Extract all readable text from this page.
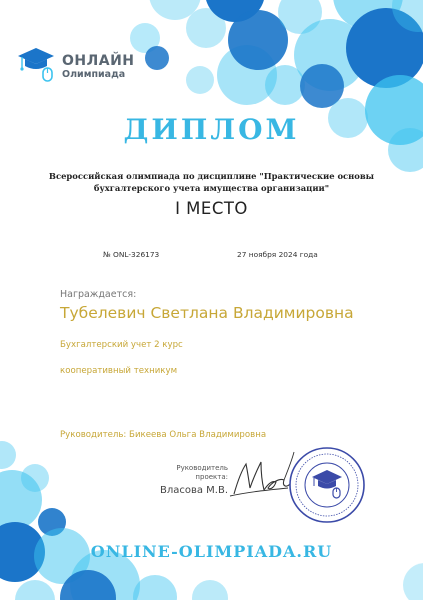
ОНЛАЙН
Олимпиада
ДИПЛОМ
Всероссийская олимпиада по дисциплине "Практические основы
бухгалтерского учета имущества организации"
I МЕСТО
№ ONL-326173	27 ноября 2024 года
Награждается:
Тубелевич Светлана Владимировна
Бухгалтерский учет 2 курс
кооперативный техникум
Руководитель: Бикеева Ольга Владимировна
Руководитель
проекта:
Власова М.В.
ONLINE-OLIMPIADA.RU
